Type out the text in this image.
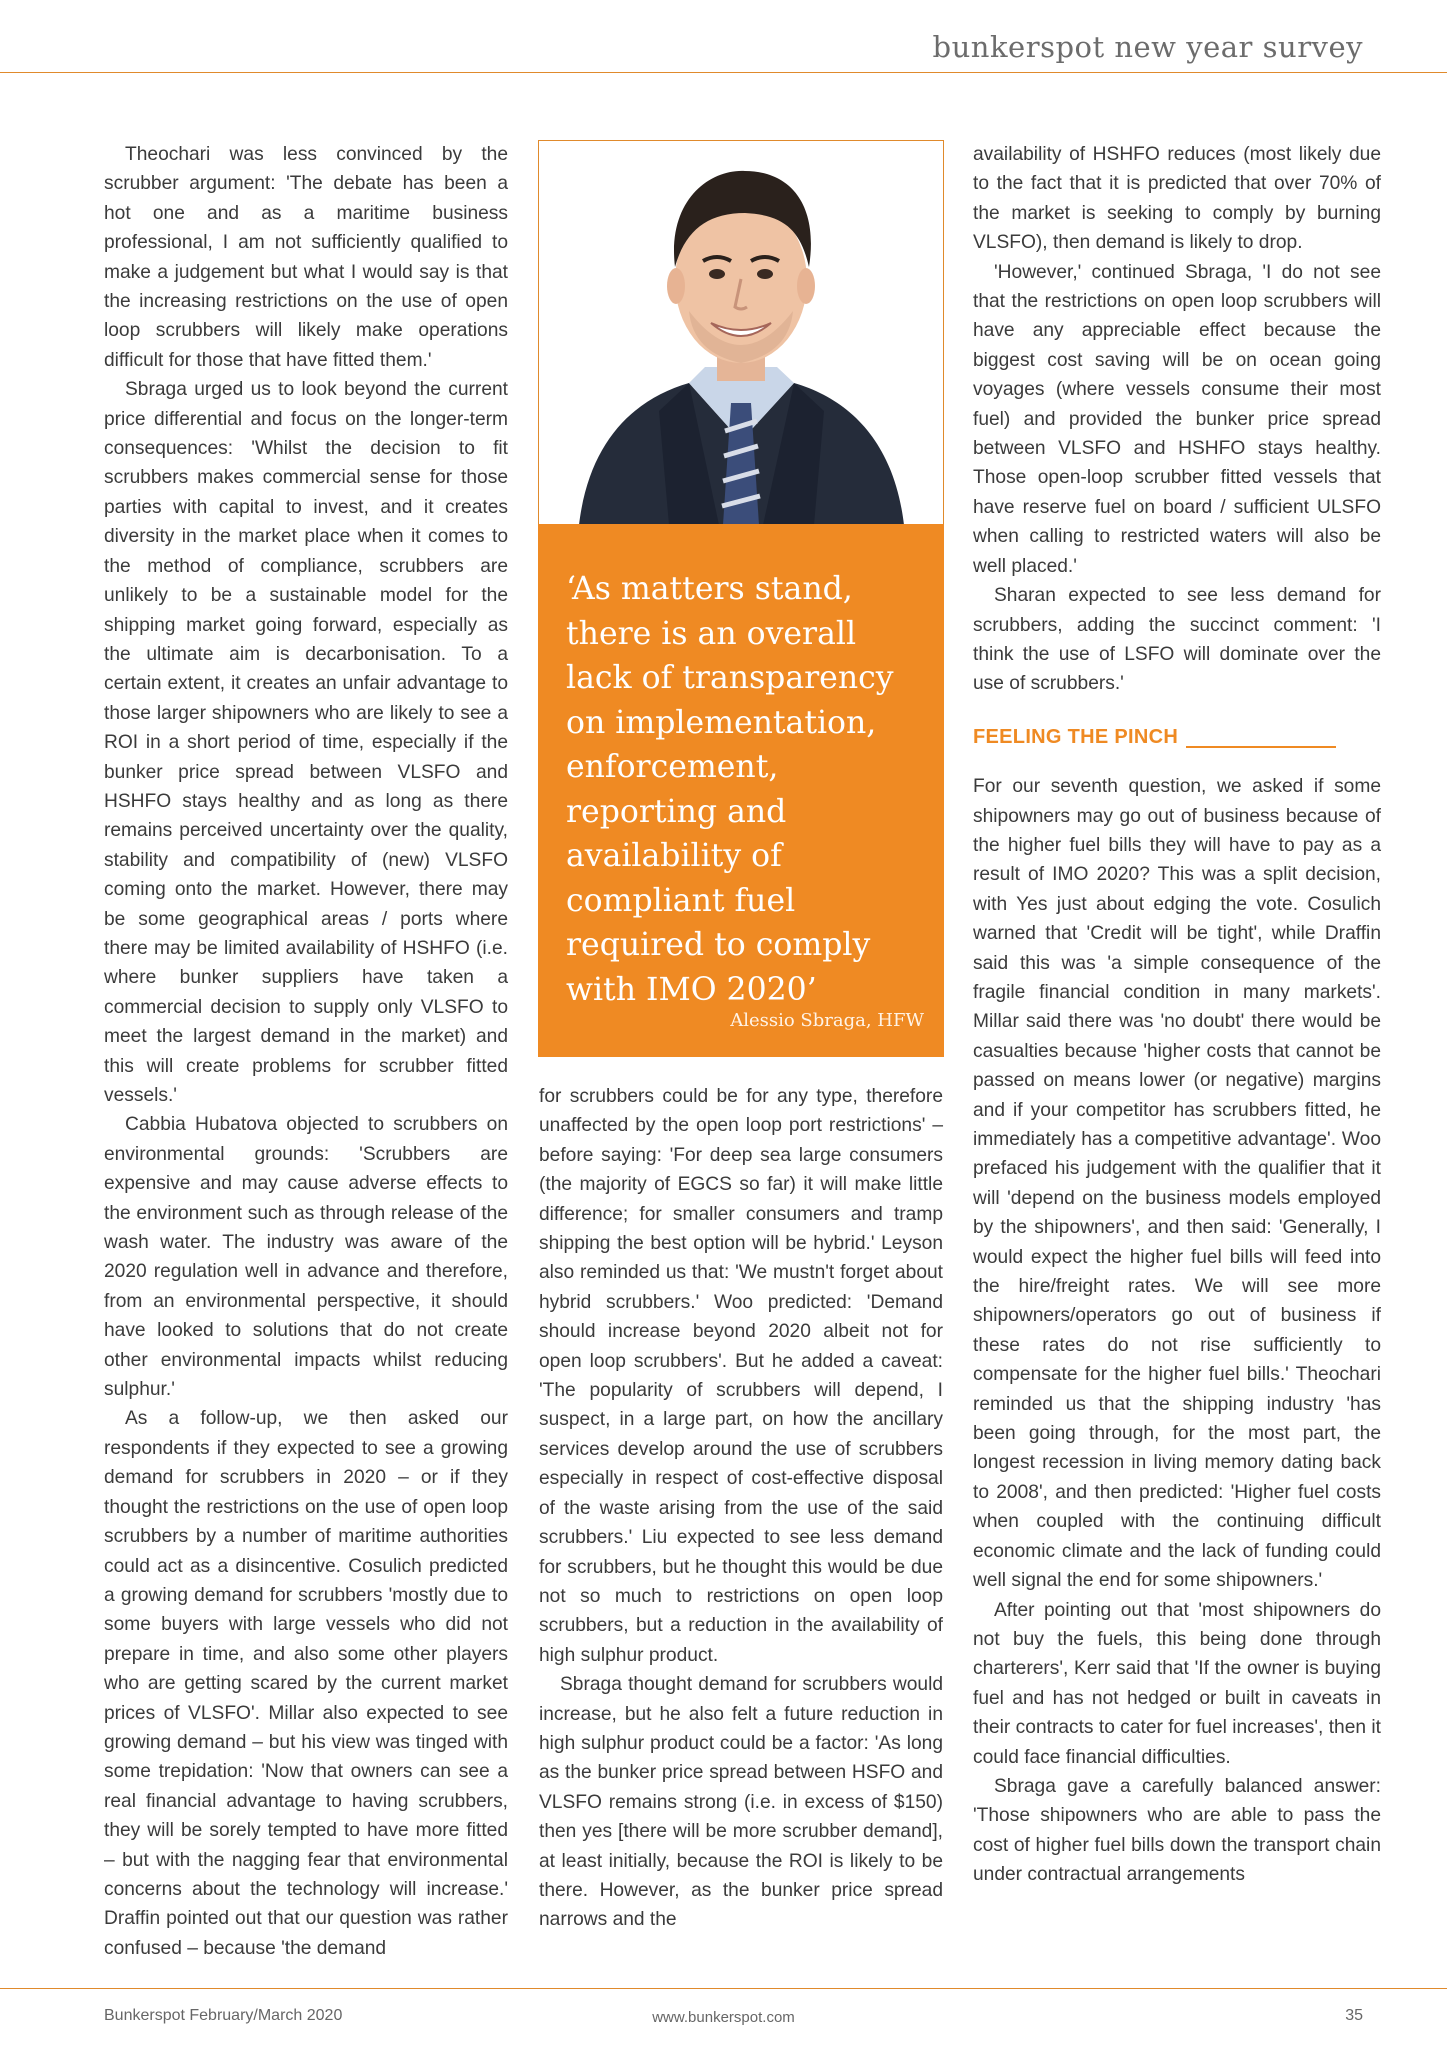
bunkerspot new year survey

Theochari was less convinced by the scrubber argument: 'The debate has been a hot one and as a maritime business professional, I am not sufficiently qualified to make a judgement but what I would say is that the increasing restrictions on the use of open loop scrubbers will likely make operations difficult for those that have fitted them.'

Sbraga urged us to look beyond the current price differential and focus on the longer-term consequences: 'Whilst the decision to fit scrubbers makes commercial sense for those parties with capital to invest, and it creates diversity in the market place when it comes to the method of compliance, scrubbers are unlikely to be a sustainable model for the shipping market going forward, especially as the ultimate aim is decarbonisation. To a certain extent, it creates an unfair advantage to those larger shipowners who are likely to see a ROI in a short period of time, especially if the bunker price spread between VLSFO and HSHFO stays healthy and as long as there remains perceived uncertainty over the quality, stability and compatibility of (new) VLSFO coming onto the market. However, there may be some geographical areas / ports where there may be limited availability of HSHFO (i.e. where bunker suppliers have taken a commercial decision to supply only VLSFO to meet the largest demand in the market) and this will create problems for scrubber fitted vessels.'

Cabbia Hubatova objected to scrubbers on environmental grounds: 'Scrubbers are expensive and may cause adverse effects to the environment such as through release of the wash water. The industry was aware of the 2020 regulation well in advance and therefore, from an environmental perspective, it should have looked to solutions that do not create other environmental impacts whilst reducing sulphur.'

As a follow-up, we then asked our respondents if they expected to see a growing demand for scrubbers in 2020 – or if they thought the restrictions on the use of open loop scrubbers by a number of maritime authorities could act as a disincentive. Cosulich predicted a growing demand for scrubbers 'mostly due to some buyers with large vessels who did not prepare in time, and also some other players who are getting scared by the current market prices of VLSFO'. Millar also expected to see growing demand – but his view was tinged with some trepidation: 'Now that owners can see a real financial advantage to having scrubbers, they will be sorely tempted to have more fitted – but with the nagging fear that environmental concerns about the technology will increase.' Draffin pointed out that our question was rather confused – because 'the demand

‘As matters stand, there is an overall lack of transparency on implementation, enforcement, reporting and availability of compliant fuel required to comply with IMO 2020’
Alessio Sbraga, HFW

for scrubbers could be for any type, therefore unaffected by the open loop port restrictions' – before saying: 'For deep sea large consumers (the majority of EGCS so far) it will make little difference; for smaller consumers and tramp shipping the best option will be hybrid.' Leyson also reminded us that: 'We mustn't forget about hybrid scrubbers.' Woo predicted: 'Demand should increase beyond 2020 albeit not for open loop scrubbers'. But he added a caveat: 'The popularity of scrubbers will depend, I suspect, in a large part, on how the ancillary services develop around the use of scrubbers especially in respect of cost-effective disposal of the waste arising from the use of the said scrubbers.' Liu expected to see less demand for scrubbers, but he thought this would be due not so much to restrictions on open loop scrubbers, but a reduction in the availability of high sulphur product.

Sbraga thought demand for scrubbers would increase, but he also felt a future reduction in high sulphur product could be a factor: 'As long as the bunker price spread between HSFO and VLSFO remains strong (i.e. in excess of $150) then yes [there will be more scrubber demand], at least initially, because the ROI is likely to be there. However, as the bunker price spread narrows and the

availability of HSHFO reduces (most likely due to the fact that it is predicted that over 70% of the market is seeking to comply by burning VLSFO), then demand is likely to drop.

'However,' continued Sbraga, 'I do not see that the restrictions on open loop scrubbers will have any appreciable effect because the biggest cost saving will be on ocean going voyages (where vessels consume their most fuel) and provided the bunker price spread between VLSFO and HSHFO stays healthy. Those open-loop scrubber fitted vessels that have reserve fuel on board / sufficient ULSFO when calling to restricted waters will also be well placed.'

Sharan expected to see less demand for scrubbers, adding the succinct comment: 'I think the use of LSFO will dominate over the use of scrubbers.'

FEELING THE PINCH

For our seventh question, we asked if some shipowners may go out of business because of the higher fuel bills they will have to pay as a result of IMO 2020? This was a split decision, with Yes just about edging the vote. Cosulich warned that 'Credit will be tight', while Draffin said this was 'a simple consequence of the fragile financial condition in many markets'. Millar said there was 'no doubt' there would be casualties because 'higher costs that cannot be passed on means lower (or negative) margins and if your competitor has scrubbers fitted, he immediately has a competitive advantage'. Woo prefaced his judgement with the qualifier that it will 'depend on the business models employed by the shipowners', and then said: 'Generally, I would expect the higher fuel bills will feed into the hire/freight rates. We will see more shipowners/operators go out of business if these rates do not rise sufficiently to compensate for the higher fuel bills.' Theochari reminded us that the shipping industry 'has been going through, for the most part, the longest recession in living memory dating back to 2008', and then predicted: 'Higher fuel costs when coupled with the continuing difficult economic climate and the lack of funding could well signal the end for some shipowners.'

After pointing out that 'most shipowners do not buy the fuels, this being done through charterers', Kerr said that 'If the owner is buying fuel and has not hedged or built in caveats in their contracts to cater for fuel increases', then it could face financial difficulties.

Sbraga gave a carefully balanced answer: 'Those shipowners who are able to pass the cost of higher fuel bills down the transport chain under contractual arrangements

Bunkerspot February/March 2020	www.bunkerspot.com	35
